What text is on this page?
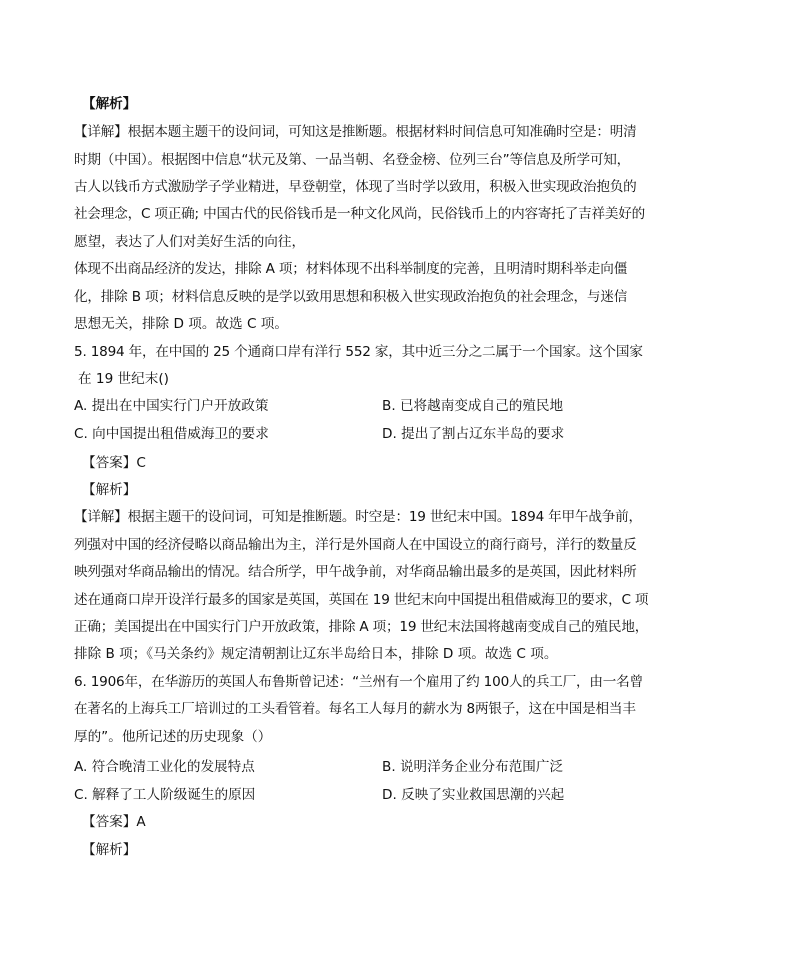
【解析】
【详解】根据本题主题干的设问词，可知这是推断题。根据材料时间信息可知准确时空是：明清
时期（中国）。根据图中信息“状元及第、一品当朝、名登金榜、位列三台”等信息及所学可知，
古人以钱币方式激励学子学业精进，早登朝堂，体现了当时学以致用，积极入世实现政治抱负的
社会理念，C 项正确; 中国古代的民俗钱币是一种文化风尚，民俗钱币上的内容寄托了吉祥美好的
愿望，表达了人们对美好生活的向往，
体现不出商品经济的发达，排除 A 项；材料体现不出科举制度的完善，且明清时期科举走向僵
化，排除 B 项；材料信息反映的是学以致用思想和积极入世实现政治抱负的社会理念，与迷信
思想无关，排除 D 项。故选 C 项。
5. 1894 年，在中国的 25 个通商口岸有洋行 552 家，其中近三分之二属于一个国家。这个国家
在 19 世纪末()
A. 提出在中国实行门户开放政策	B. 已将越南变成自己的殖民地
C. 向中国提出租借威海卫的要求	D. 提出了割占辽东半岛的要求
【答案】C
【解析】
【详解】根据主题干的设问词，可知是推断题。时空是：19 世纪末中国。1894 年甲午战争前，
列强对中国的经济侵略以商品输出为主，洋行是外国商人在中国设立的商行商号，洋行的数量反
映列强对华商品输出的情况。结合所学，甲午战争前，对华商品输出最多的是英国，因此材料所
述在通商口岸开设洋行最多的国家是英国，英国在 19 世纪末向中国提出租借威海卫的要求，C 项
正确；美国提出在中国实行门户开放政策，排除 A 项；19 世纪末法国将越南变成自己的殖民地，
排除 B 项；《马关条约》规定清朝割让辽东半岛给日本，排除 D 项。故选 C 项。
6. 1906年，在华游历的英国人布鲁斯曾记述：“兰州有一个雇用了约 100人的兵工厂，由一名曾
在著名的上海兵工厂培训过的工头看管着。每名工人每月的薪水为 8两银子，这在中国是相当丰
厚的”。他所记述的历史现象（）
A. 符合晚清工业化的发展特点	B. 说明洋务企业分布范围广泛
C. 解释了工人阶级诞生的原因	D. 反映了实业救国思潮的兴起
【答案】A
【解析】
